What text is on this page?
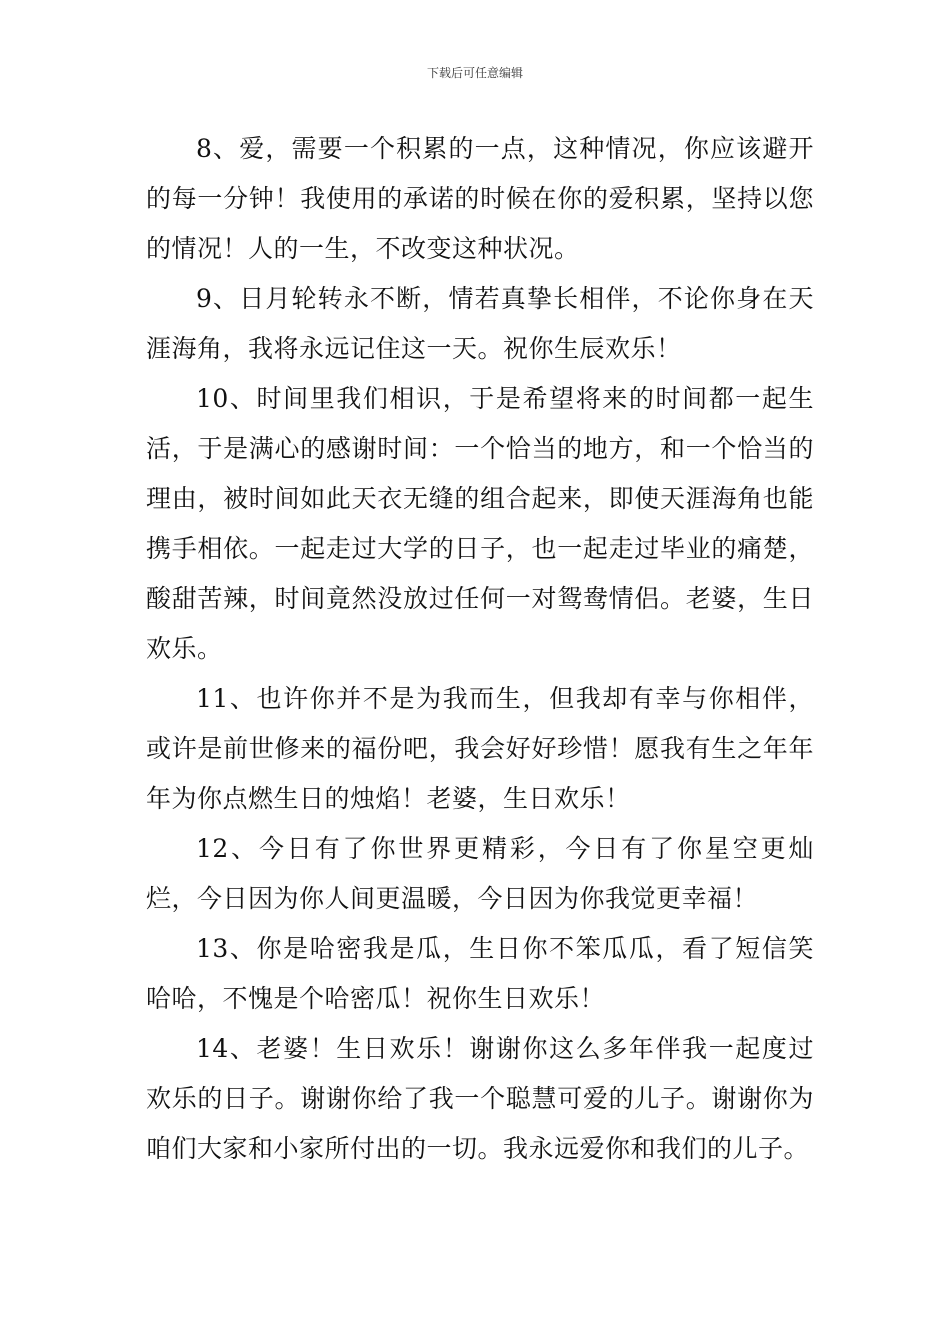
下载后可任意编辑

8、爱，需要一个积累的一点，这种情况，你应该避开的每一分钟！我使用的承诺的时候在你的爱积累，坚持以您的情况！人的一生，不改变这种状况。

9、日月轮转永不断，情若真挚长相伴，不论你身在天涯海角，我将永远记住这一天。祝你生辰欢乐！

10、时间里我们相识，于是希望将来的时间都一起生活，于是满心的感谢时间：一个恰当的地方，和一个恰当的理由，被时间如此天衣无缝的组合起来，即使天涯海角也能携手相依。一起走过大学的日子，也一起走过毕业的痛楚，酸甜苦辣，时间竟然没放过任何一对鸳鸯情侣。老婆，生日欢乐。

11、也许你并不是为我而生，但我却有幸与你相伴，或许是前世修来的福份吧，我会好好珍惜！愿我有生之年年年为你点燃生日的烛焰！老婆，生日欢乐！

12、今日有了你世界更精彩，今日有了你星空更灿烂，今日因为你人间更温暖，今日因为你我觉更幸福！

13、你是哈密我是瓜，生日你不笨瓜瓜，看了短信笑哈哈，不愧是个哈密瓜！祝你生日欢乐！

14、老婆！生日欢乐！谢谢你这么多年伴我一起度过欢乐的日子。谢谢你给了我一个聪慧可爱的儿子。谢谢你为咱们大家和小家所付出的一切。我永远爱你和我们的儿子。
